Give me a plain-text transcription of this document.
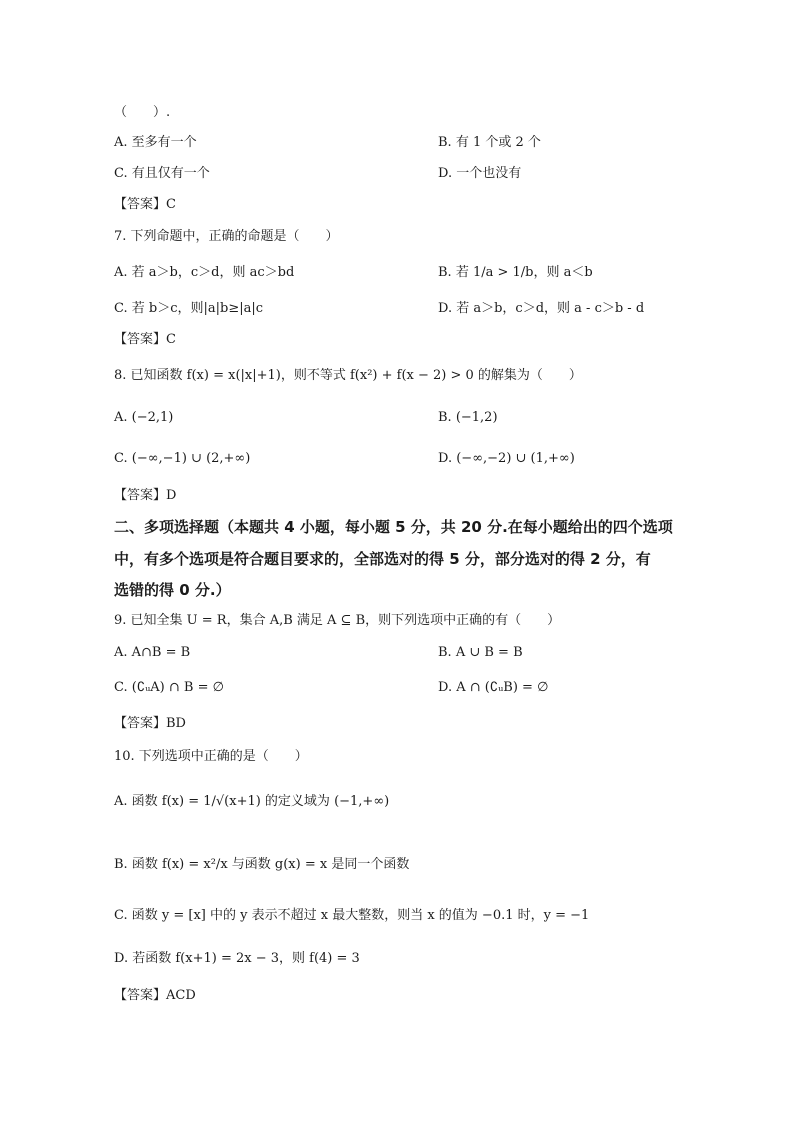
（　　）.
A. 至多有一个	B. 有 1 个或 2 个
C. 有且仅有一个	D. 一个也没有
【答案】C
7. 下列命题中，正确的命题是（　　）
A. 若 a＞b，c＞d，则 ac＞bd	B. 若 1/a > 1/b，则 a＜b
C. 若 b＞c，则|a|b≥|a|c	D. 若 a＞b，c＞d，则 a - c＞b - d
【答案】C
8. 已知函数 f(x) = x(|x|+1)，则不等式 f(x²) + f(x − 2) > 0 的解集为（　　）
A. (−2,1)	B. (−1,2)
C. (−∞,−1) ∪ (2,+∞)	D. (−∞,−2) ∪ (1,+∞)
【答案】D
二、多项选择题（本题共 4 小题，每小题 5 分，共 20 分.在每小题给出的四个选项
中，有多个选项是符合题目要求的，全部选对的得 5 分，部分选对的得 2 分，有
选错的得 0 分.）
9. 已知全集 U = R，集合 A,B 满足 A ⊆ B，则下列选项中正确的有（　　）
A. A∩B = B	B. A ∪ B = B
C. (∁ᵤA) ∩ B = ∅	D. A ∩ (∁ᵤB) = ∅
【答案】BD
10. 下列选项中正确的是（　　）
A. 函数 f(x) = 1/√(x+1) 的定义域为 (−1,+∞)
B. 函数 f(x) = x²/x 与函数 g(x) = x 是同一个函数
C. 函数 y = [x] 中的 y 表示不超过 x 最大整数，则当 x 的值为 −0.1 时，y = −1
D. 若函数 f(x+1) = 2x − 3，则 f(4) = 3
【答案】ACD
